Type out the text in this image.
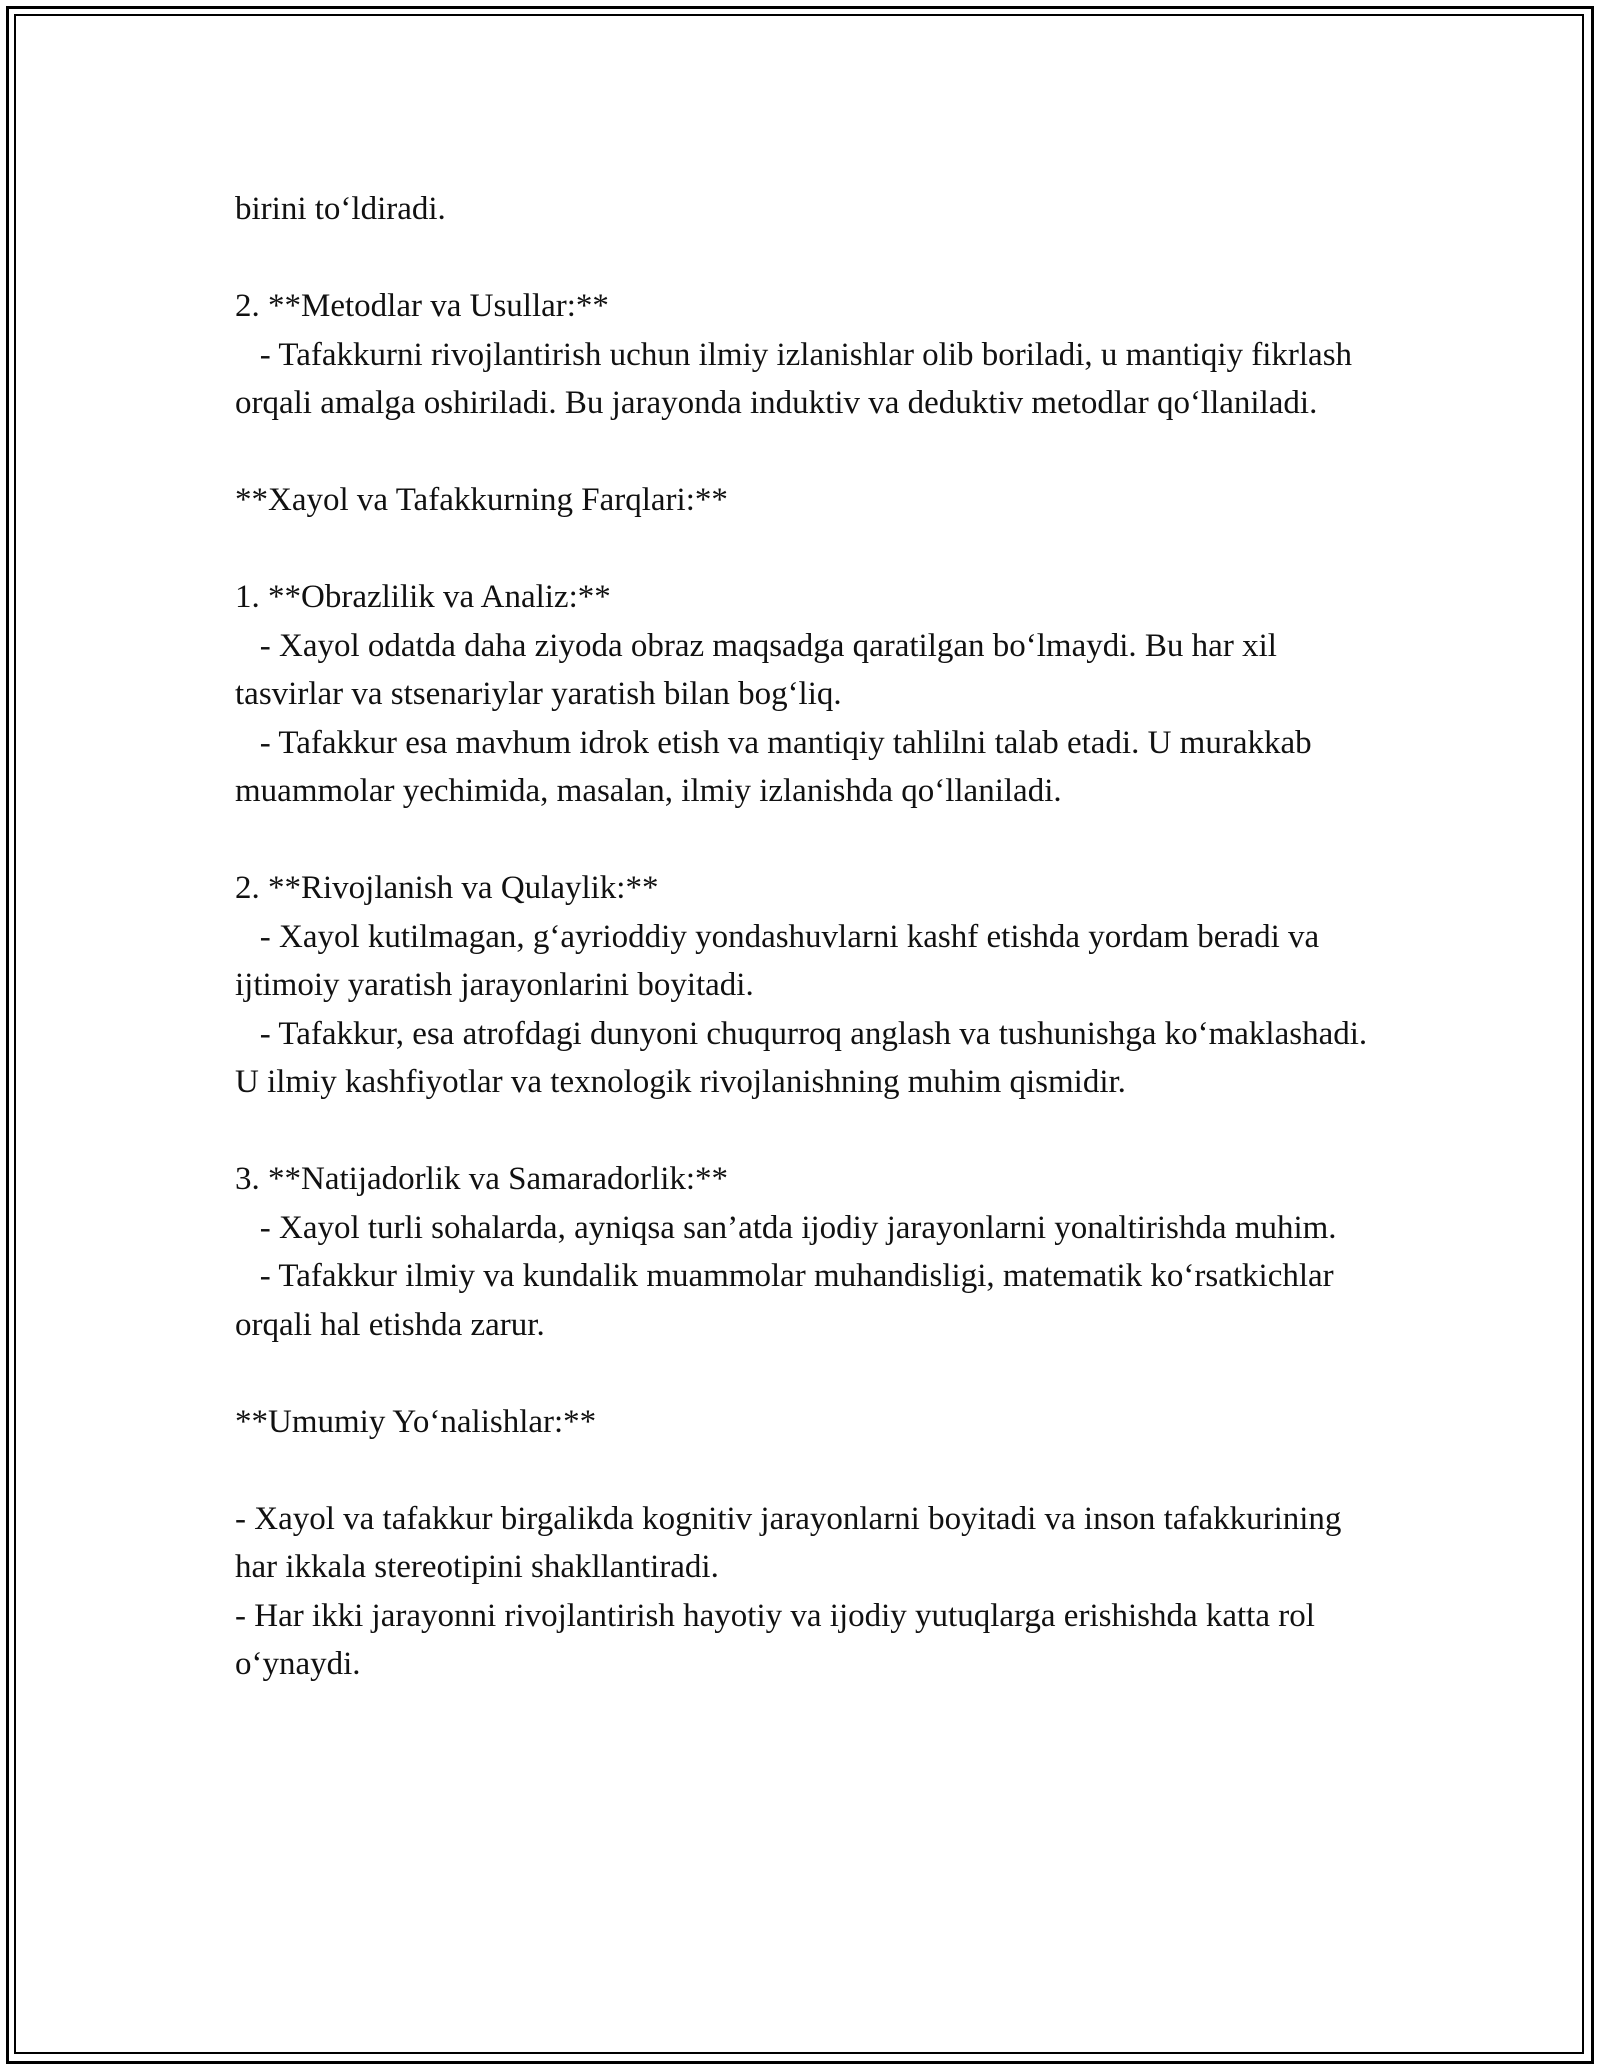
birini to‘ldiradi.

2. **Metodlar va Usullar:**

- Tafakkurni rivojlantirish uchun ilmiy izlanishlar olib boriladi, u mantiqiy fikrlash orqali amalga oshiriladi. Bu jarayonda induktiv va deduktiv metodlar qo‘llaniladi.

**Xayol va Tafakkurning Farqlari:**

1. **Obrazlilik va Analiz:**

- Xayol odatda daha ziyoda obraz maqsadga qaratilgan bo‘lmaydi. Bu har xil tasvirlar va stsenariylar yaratish bilan bog‘liq.

- Tafakkur esa mavhum idrok etish va mantiqiy tahlilni talab etadi. U murakkab muammolar yechimida, masalan, ilmiy izlanishda qo‘llaniladi.

2. **Rivojlanish va Qulaylik:**

- Xayol kutilmagan, g‘ayrioddiy yondashuvlarni kashf etishda yordam beradi va ijtimoiy yaratish jarayonlarini boyitadi.

- Tafakkur, esa atrofdagi dunyoni chuqurroq anglash va tushunishga ko‘maklashadi. U ilmiy kashfiyotlar va texnologik rivojlanishning muhim qismidir.

3. **Natijadorlik va Samaradorlik:**

- Xayol turli sohalarda, ayniqsa san’atda ijodiy jarayonlarni yonaltirishda muhim.

- Tafakkur ilmiy va kundalik muammolar muhandisligi, matematik ko‘rsatkichlar orqali hal etishda zarur.

**Umumiy Yo‘nalishlar:**

- Xayol va tafakkur birgalikda kognitiv jarayonlarni boyitadi va inson tafakkurining har ikkala stereotipini shakllantiradi.

- Har ikki jarayonni rivojlantirish hayotiy va ijodiy yutuqlarga erishishda katta rol o‘ynaydi.
